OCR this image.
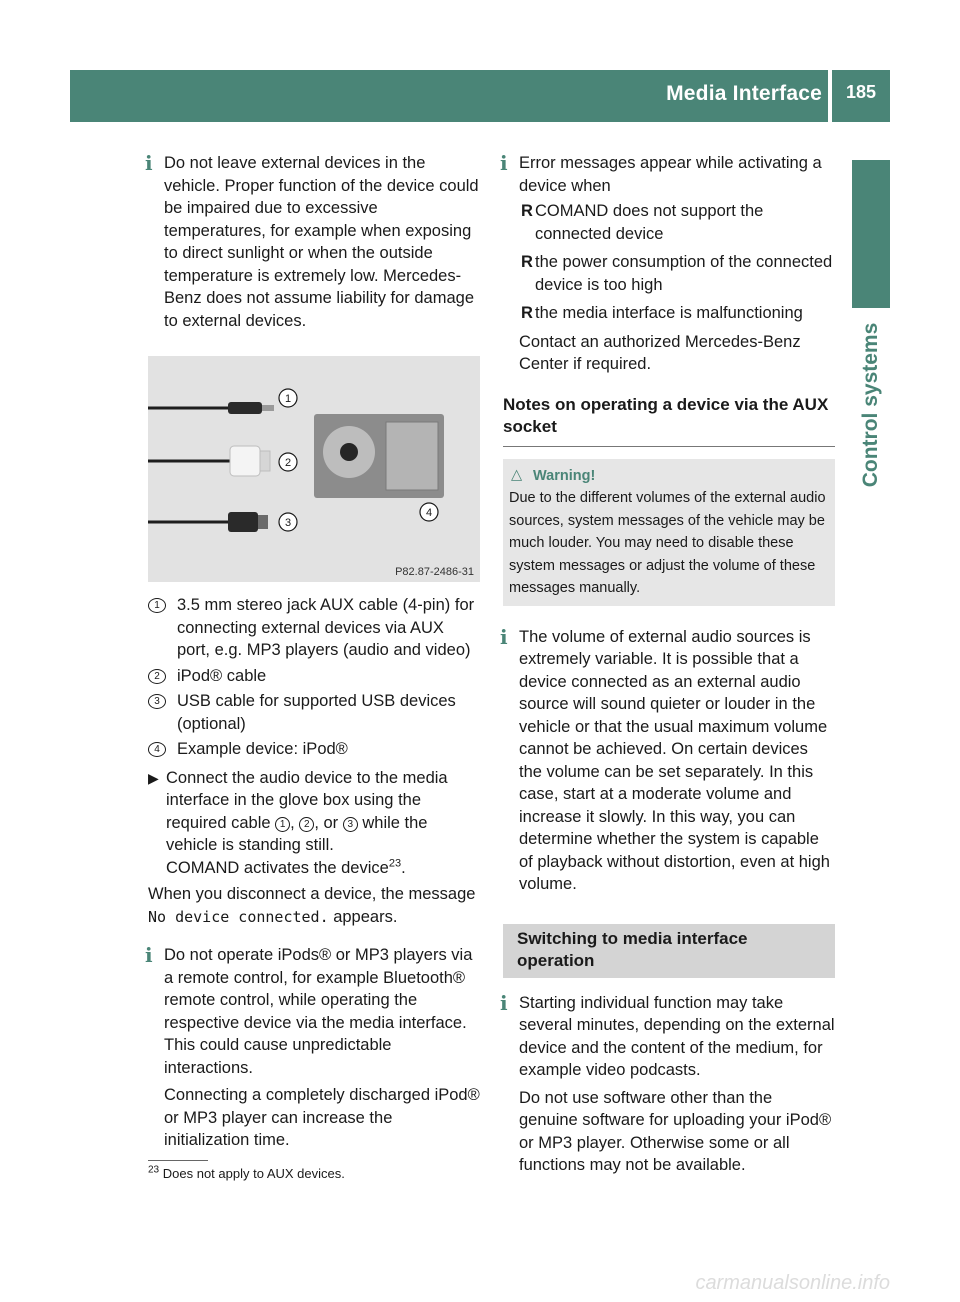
Media Interface	185
Control systems
i Do not leave external devices in the vehicle. Proper function of the device could be impaired due to excessive temperatures, for example when exposing to direct sunlight or when the outside temperature is extremely low. Mercedes-Benz does not assume liability for damage to external devices.

1
2
3
4
P82.87-2486-31
1	3.5 mm stereo jack AUX cable (4-pin) for connecting external devices via AUX port, e.g. MP3 players (audio and video)
2	iPod® cable
3	USB cable for supported USB devices (optional)
4	Example device: iPod®
▶ Connect the audio device to the media interface in the glove box using the required cable 1 , 2 , or 3 while the vehicle is standing still.
COMAND activates the device$^{23}$.

When you disconnect a device, the message No device connected. appears.

i Do not operate iPods® or MP3 players via a remote control, for example Bluetooth® remote control, while operating the respective device via the media interface. This could cause unpredictable interactions.

Connecting a completely discharged iPod® or MP3 player can increase the initialization time.

i Error messages appear while activating a device when

R COMAND does not support the connected device
R the power consumption of the connected device is too high
R the media interface is malfunctioning

Contact an authorized Mercedes-Benz Center if required.

Notes on operating a device via the AUX socket
△ Warning!

Due to the different volumes of the external audio sources, system messages of the vehicle may be much louder. You may need to disable these system messages or adjust the volume of these messages manually.

i The volume of external audio sources is extremely variable. It is possible that a device connected as an external audio source will sound quieter or louder in the vehicle or that the usual maximum volume cannot be achieved. On certain devices the volume can be set separately. In this case, start at a moderate volume and increase it slowly. In this way, you can determine whether the system is capable of playback without distortion, even at high volume.

Switching to media interface operation
i Starting individual function may take several minutes, depending on the external device and the content of the medium, for example video podcasts.

Do not use software other than the genuine software for uploading your iPod® or MP3 player. Otherwise some or all functions may not be available.

$^{23}$ Does not apply to AUX devices.
carmanualsonline.info
